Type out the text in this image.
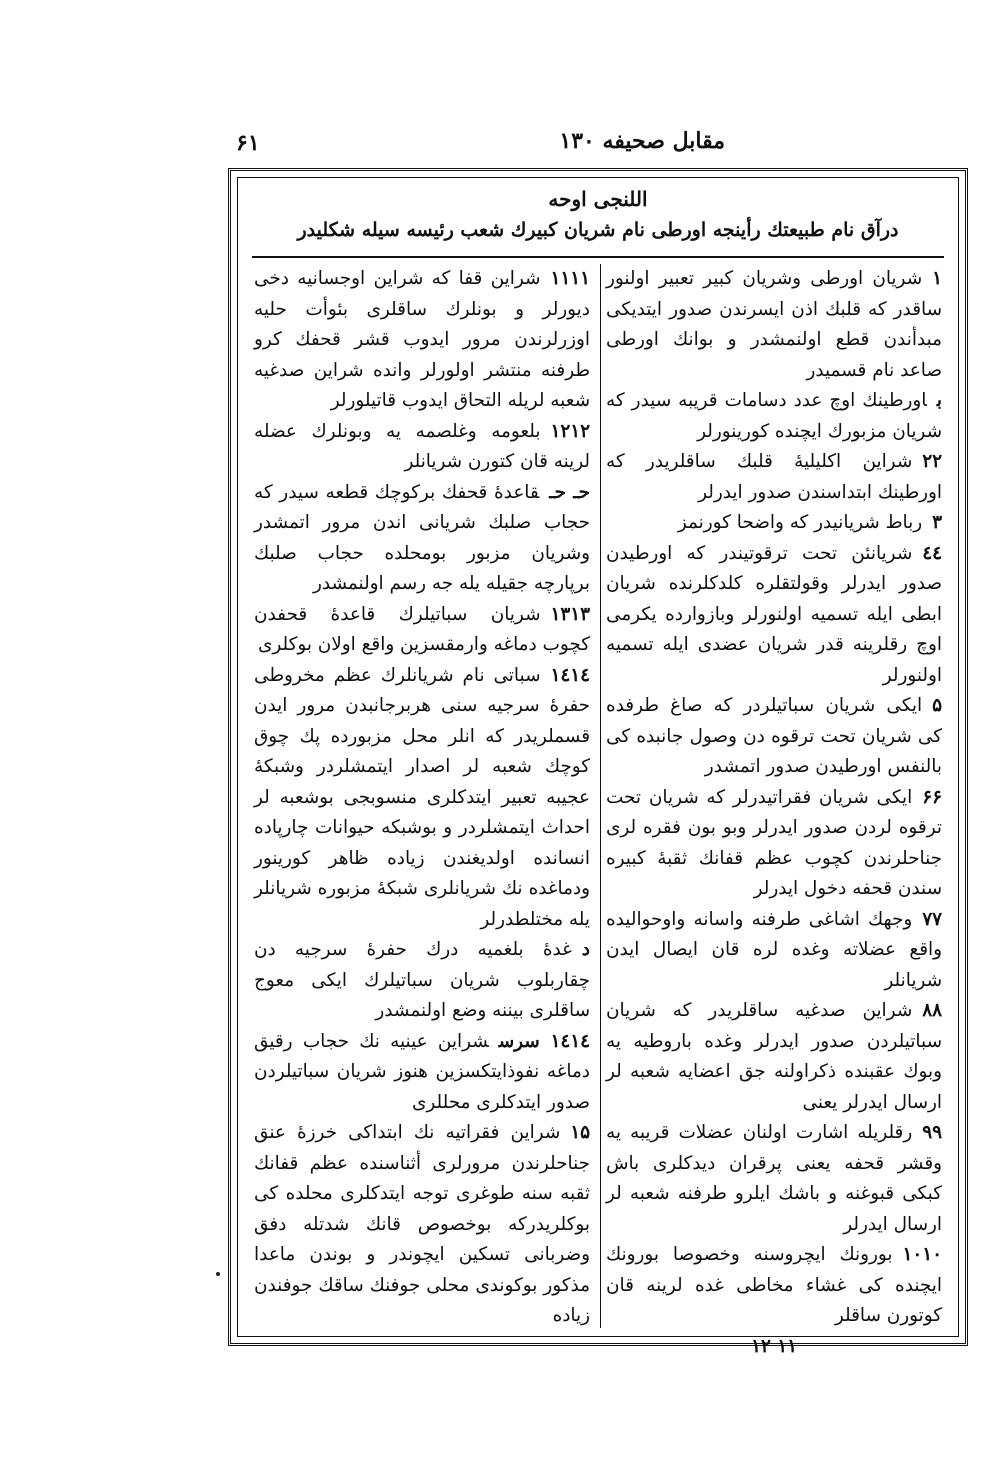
مقابل صحیفه ۱۳۰
۶۱
اللنجی اوحه
درآق نام طبیعتك رأینجه اورطی نام شریان كبیرك شعب رئیسه سیله شكلیدر

۱شریان اورطی وشریان كبیر تعبیر اولنور ساقدر كه قلبك اذن ایسرندن صدور ایتدیكی مبدأندن قطع اولنمشدر و بوانك اورطی صاعد نام قسمیدر

باورطینك اوچ عدد دسامات قریبه سیدر كه شریان مزبورك ایچنده كورینورلر

۲۲شراین اكلیلیهٔ قلبك ساقلریدر كه اورطینك ابتداسندن صدور ایدرلر

۳رباط شریانیدر كه واضحا كورنمز

٤٤شریانئن تحت ترقوتیندر كه اورطیدن صدور ایدرلر وقولتقلره كلدكلرنده شریان ابطی ایله تسمیه اولنورلر وبازوارده یكرمی اوچ رقلرینه قدر شریان عضدی ایله تسمیه اولنورلر

۵ایكی شریان سباتیلردر كه صاغ طرفده كی شریان تحت ترقوه دن وصول جانبده كی بالنفس اورطیدن صدور اتمشدر

۶۶ایكی شریان فقراتیدرلر كه شریان تحت ترقوه لردن صدور ایدرلر وبو بون فقره لری جناحلرندن كچوب عظم قفانك ثقبهٔ كبیره سندن قحفه دخول ایدرلر

۷۷وجهك اشاغی طرفنه واسانه واوحوالیده واقع عضلاته وغده لره قان ایصال ایدن شریانلر

۸۸شراین صدغیه ساقلریدر كه شریان سباتیلردن صدور ایدرلر وغده باروطیه یه وبوك عقبنده ذكراولنه جق اعضایه شعبه لر ارسال ایدرلر یعنی

۹۹رقلریله اشارت اولنان عضلات قریبه یه وقشر قحفه یعنی پرقران دیدكلری باش كبكی قبوغنه و باشك ایلرو طرفنه شعبه لر ارسال ایدرلر

۱۰۱۰بورونك ایچروسنه وخصوصا بورونك ایچنده كی غشاء مخاطی غده لرینه قان كوتورن ساقلر

۱۱ ۱۲

۱۱۱۱شراین قفا كه شراین اوجسانیه دخی دیورلر و بونلرك ساقلری بئوأت حلیه اوزرلرندن مرور ایدوب قشر قحفك كرو طرفنه منتشر اولورلر وانده شراین صدغیه شعبه لریله التحاق ایدوب قاتیلورلر

۱۲۱۲بلعومه وغلصمه یه وبونلرك عضله لرینه قان كتورن شریانلر

حـ حـقاعدهٔ قحفك بركوچك قطعه سیدر كه حجاب صلبك شریانی اندن مرور اتمشدر وشریان مزبور بومحلده حجاب صلبك برپارچه جقیله یله جه رسم اولنمشدر

۱۳۱۳شریان سباتیلرك قاعدهٔ قحفدن كچوب دماغه وارمقسزین واقع اولان بوكلری

۱٤۱٤سباتی نام شریانلرك عظم مخروطی حفرهٔ سرجیه سنی هربرجانبدن مرور ایدن قسملریدر كه انلر محل مزبورده پك چوق كوچك شعبه لر اصدار ایتمشلردر وشبكهٔ عجیبه تعبیر ایتدكلری منسوبجی بوشعبه لر احداث ایتمشلردر و بوشبكه حیوانات چارپاده انسانده اولدیغندن زیاده ظاهر كورینور ودماغده نك شریانلری شبكهٔ مزبوره شریانلر یله مختلطدرلر

دغدهٔ بلغمیه درك حفرهٔ سرجیه دن چقاربلوب شریان سباتیلرك ایكی معوج ساقلری بیننه وضع اولنمشدر

۱٤۱٤ سرسشراین عینیه نك حجاب رقیق دماغه نفوذایتكسزین هنوز شریان سباتیلردن صدور ایتدكلری محللری

۱۵شراین فقراتیه نك ابتداكی خرزهٔ عنق جناحلرندن مرورلری أثناسنده عظم قفانك ثقبه سنه طوغری توجه ایتدكلری محلده كی بوكلریدركه بوخصوص قانك شدتله دفق وضربانی تسكین ایچوندر و بوندن ماعدا مذكور بوكوندی محلی جوفنك ساقك جوفندن زیاده
